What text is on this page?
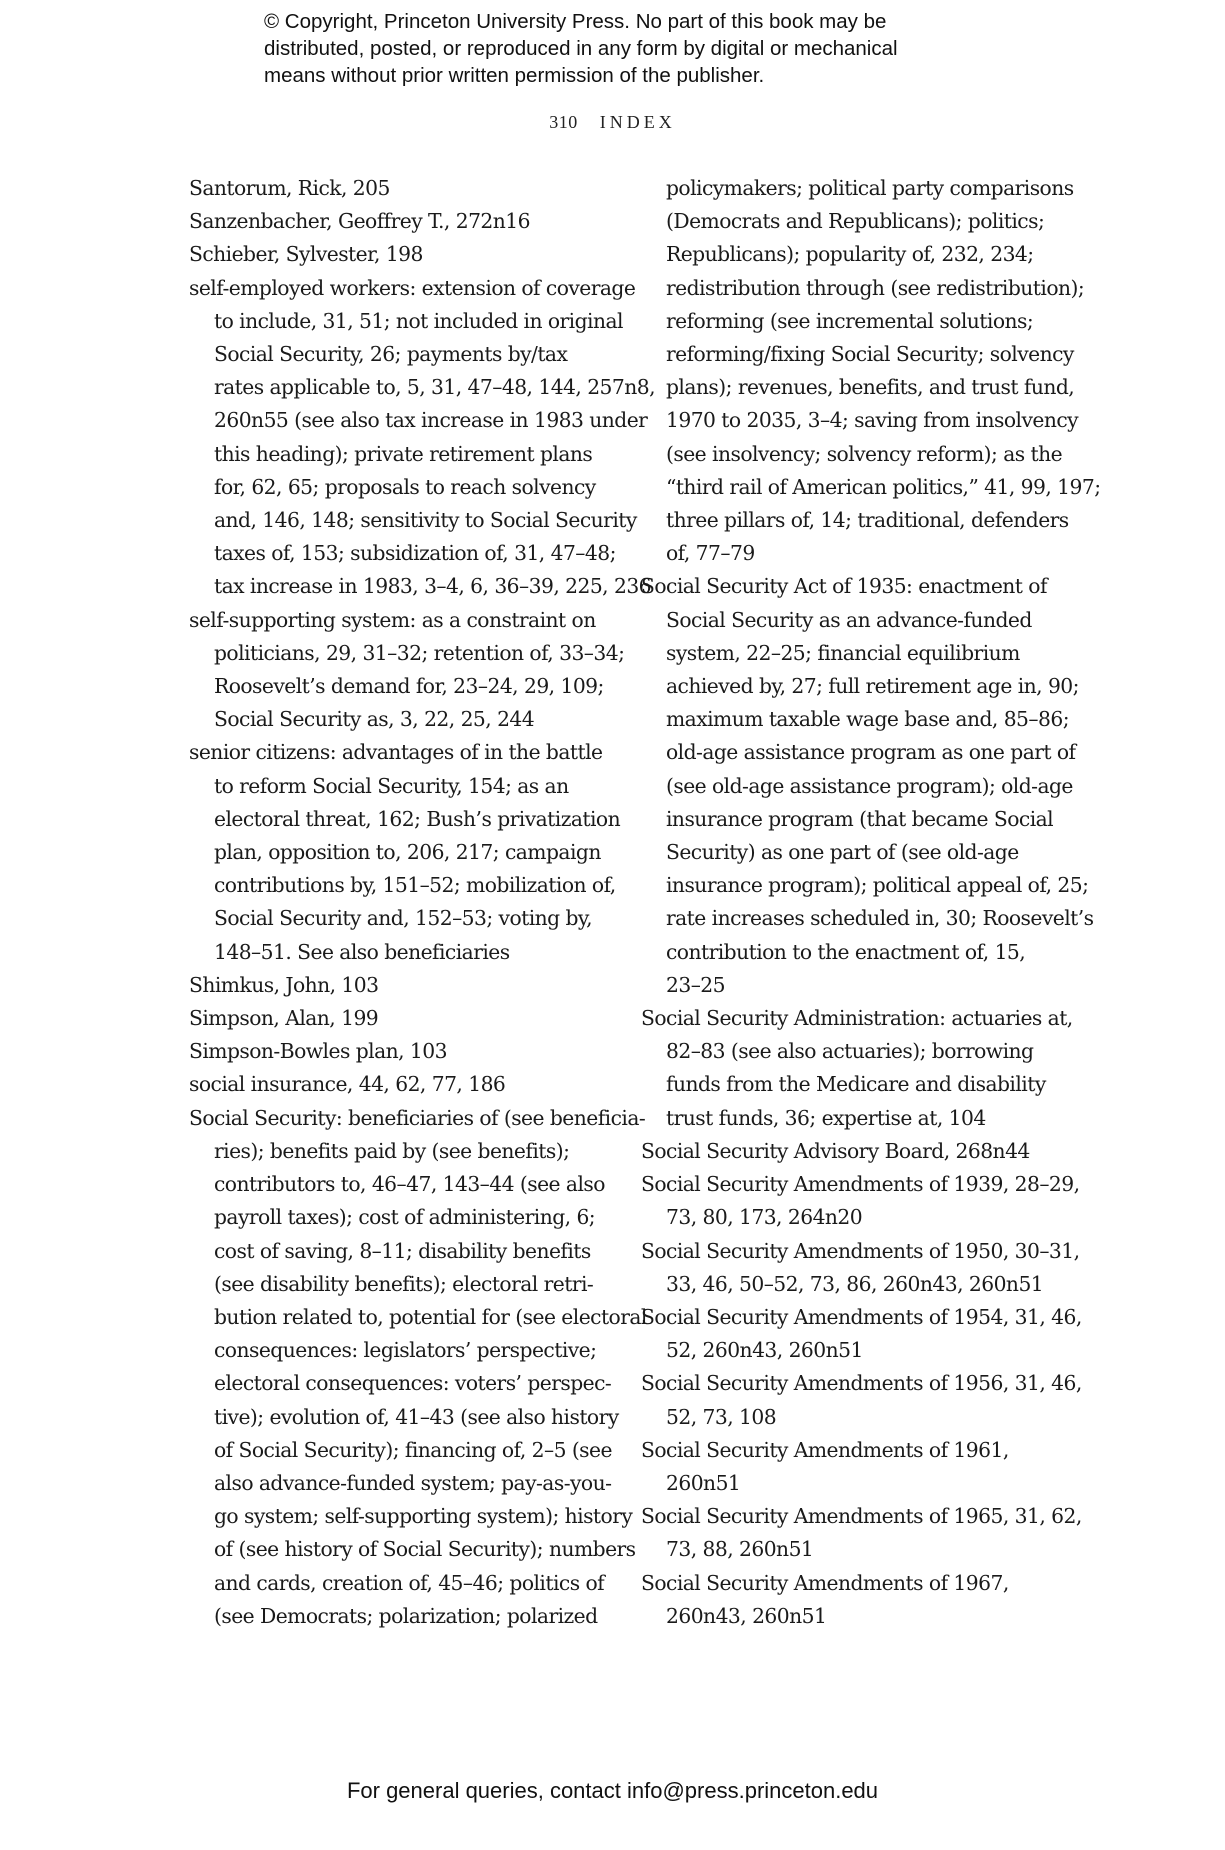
© Copyright, Princeton University Press. No part of this book may be
distributed, posted, or reproduced in any form by digital or mechanical
means without prior written permission of the publisher.
310 INDEX
Santorum, Rick, 205
Sanzenbacher, Geoffrey T., 272n16
Schieber, Sylvester, 198
self-employed workers: extension of coverage
to include, 31, 51; not included in original
Social Security, 26; payments by/tax
rates applicable to, 5, 31, 47–48, 144, 257n8,
260n55 (see also tax increase in 1983 under
this heading); private retirement plans
for, 62, 65; proposals to reach solvency
and, 146, 148; sensitivity to Social Security
taxes of, 153; subsidization of, 31, 47–48;
tax increase in 1983, 3–4, 6, 36–39, 225, 236
self-supporting system: as a constraint on
politicians, 29, 31–32; retention of, 33–34;
Roosevelt’s demand for, 23–24, 29, 109;
Social Security as, 3, 22, 25, 244
senior citizens: advantages of in the battle
to reform Social Security, 154; as an
electoral threat, 162; Bush’s privatization
plan, opposition to, 206, 217; campaign
contributions by, 151–52; mobilization of,
Social Security and, 152–53; voting by,
148–51. See also beneficiaries
Shimkus, John, 103
Simpson, Alan, 199
Simpson-Bowles plan, 103
social insurance, 44, 62, 77, 186
Social Security: beneficiaries of (see beneficia-
ries); benefits paid by (see benefits);
contributors to, 46–47, 143–44 (see also
payroll taxes); cost of administering, 6;
cost of saving, 8–11; disability benefits
(see disability benefits); electoral retri-
bution related to, potential for (see electoral
consequences: legislators’ perspective;
electoral consequences: voters’ perspec-
tive); evolution of, 41–43 (see also history
of Social Security); financing of, 2–5 (see
also advance-funded system; pay-as-you-
go system; self-supporting system); history
of (see history of Social Security); numbers
and cards, creation of, 45–46; politics of
(see Democrats; polarization; polarized
policymakers; political party comparisons
(Democrats and Republicans); politics;
Republicans); popularity of, 232, 234;
redistribution through (see redistribution);
reforming (see incremental solutions;
reforming/fixing Social Security; solvency
plans); revenues, benefits, and trust fund,
1970 to 2035, 3–4; saving from insolvency
(see insolvency; solvency reform); as the
“third rail of American politics,” 41, 99, 197;
three pillars of, 14; traditional, defenders
of, 77–79
Social Security Act of 1935: enactment of
Social Security as an advance-funded
system, 22–25; financial equilibrium
achieved by, 27; full retirement age in, 90;
maximum taxable wage base and, 85–86;
old-age assistance program as one part of
(see old-age assistance program); old-age
insurance program (that became Social
Security) as one part of (see old-age
insurance program); political appeal of, 25;
rate increases scheduled in, 30; Roosevelt’s
contribution to the enactment of, 15,
23–25
Social Security Administration: actuaries at,
82–83 (see also actuaries); borrowing
funds from the Medicare and disability
trust funds, 36; expertise at, 104
Social Security Advisory Board, 268n44
Social Security Amendments of 1939, 28–29,
73, 80, 173, 264n20
Social Security Amendments of 1950, 30–31,
33, 46, 50–52, 73, 86, 260n43, 260n51
Social Security Amendments of 1954, 31, 46,
52, 260n43, 260n51
Social Security Amendments of 1956, 31, 46,
52, 73, 108
Social Security Amendments of 1961,
260n51
Social Security Amendments of 1965, 31, 62,
73, 88, 260n51
Social Security Amendments of 1967,
260n43, 260n51
For general queries, contact info@press.princeton.edu
